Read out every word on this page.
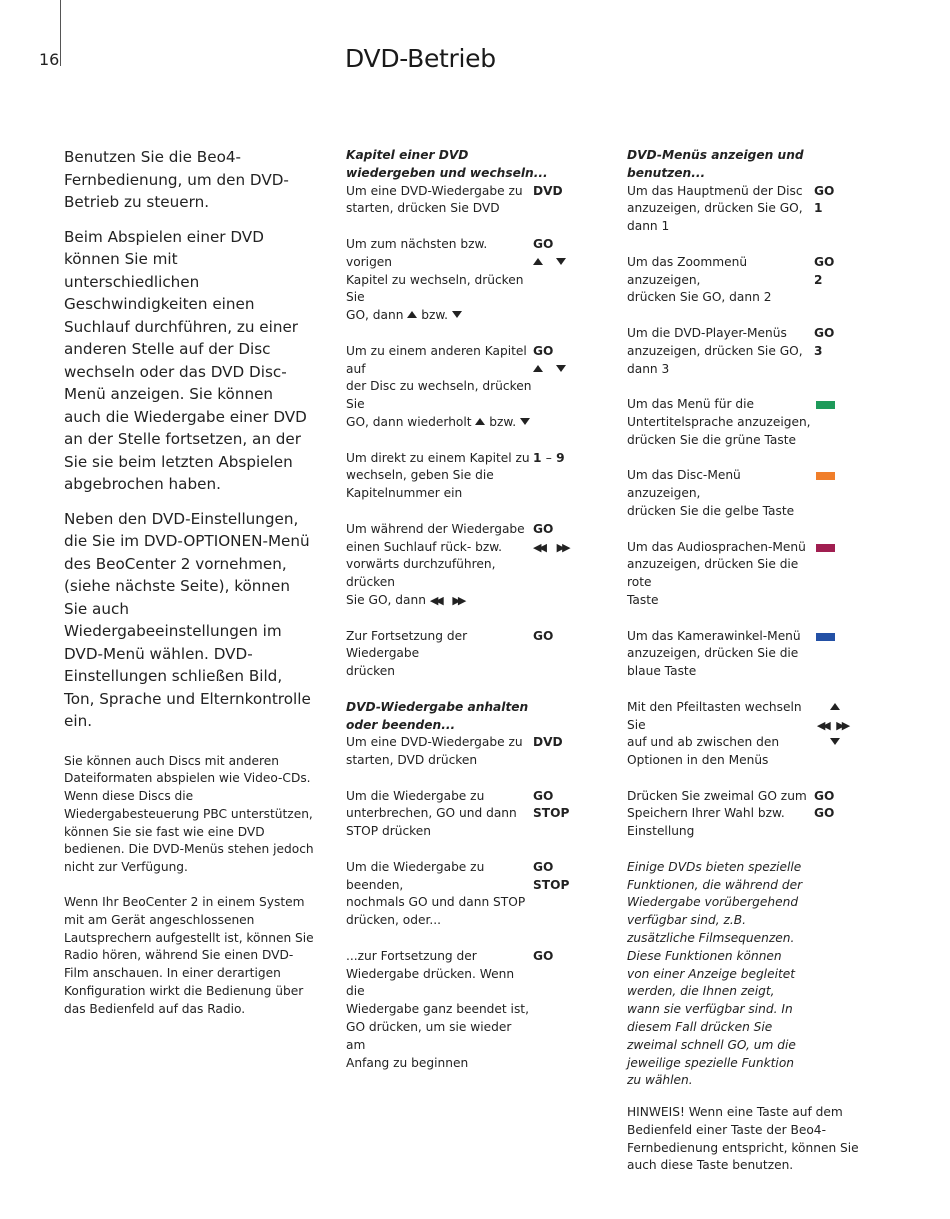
16	DVD-Betrieb

Benutzen Sie die Beo4-Fernbedienung, um den DVD-Betrieb zu steuern.

Beim Abspielen einer DVD können Sie mit unterschiedlichen Geschwindigkeiten einen Suchlauf durchführen, zu einer anderen Stelle auf der Disc wechseln oder das DVD Disc-Menü anzeigen. Sie können auch die Wiedergabe einer DVD an der Stelle fortsetzen, an der Sie sie beim letzten Abspielen abgebrochen haben.

Neben den DVD-Einstellungen, die Sie im DVD-OPTIONEN-Menü des BeoCenter 2 vornehmen, (siehe nächste Seite), können Sie auch Wiedergabeeinstellungen im DVD-Menü wählen. DVD-Einstellungen schließen Bild, Ton, Sprache und Elternkontrolle ein.

Sie können auch Discs mit anderen Dateiformaten abspielen wie Video-CDs. Wenn diese Discs die Wiedergabesteuerung PBC unterstützen, können Sie sie fast wie eine DVD bedienen. Die DVD-Menüs stehen jedoch nicht zur Verfügung.

Wenn Ihr BeoCenter 2 in einem System mit am Gerät angeschlossenen Lautsprechern aufgestellt ist, können Sie Radio hören, während Sie einen DVD-Film anschauen. In einer derartigen Konfiguration wirkt die Bedienung über das Bedienfeld auf das Radio.

Kapitel einer DVD
wiedergeben und wechseln...
Um eine DVD-Wiedergabe zu
starten, drücken Sie DVD
DVD
Um zum nächsten bzw. vorigen
Kapitel zu wechseln, drücken Sie
GO, dann bzw.
GO

Um zu einem anderen Kapitel auf
der Disc zu wechseln, drücken Sie
GO, dann wiederholt bzw.
GO

Um direkt zu einem Kapitel zu
wechseln, geben Sie die
Kapitelnummer ein
1 – 9
Um während der Wiedergabe
einen Suchlauf rück- bzw.
vorwärts durchzuführen, drücken
Sie GO, dann ◀◀ ▶▶
GO
◀◀ ▶▶
Zur Fortsetzung der Wiedergabe
drücken
GO
DVD-Wiedergabe anhalten
oder beenden...
Um eine DVD-Wiedergabe zu
starten, DVD drücken
DVD
Um die Wiedergabe zu
unterbrechen, GO und dann
STOP drücken
GO
STOP
Um die Wiedergabe zu beenden,
nochmals GO und dann STOP
drücken, oder...
GO
STOP
...zur Fortsetzung der
Wiedergabe drücken. Wenn die
Wiedergabe ganz beendet ist,
GO drücken, um sie wieder am
Anfang zu beginnen
GO
DVD-Menüs anzeigen und
benutzen...
Um das Hauptmenü der Disc
anzuzeigen, drücken Sie GO,
dann 1
GO
1
Um das Zoommenü anzuzeigen,
drücken Sie GO, dann 2
GO
2
Um die DVD-Player-Menüs
anzuzeigen, drücken Sie GO,
dann 3
GO
3
Um das Menü für die
Untertitelsprache anzuzeigen,
drücken Sie die grüne Taste
Um das Disc-Menü anzuzeigen,
drücken Sie die gelbe Taste
Um das Audiosprachen-Menü
anzuzeigen, drücken Sie die rote
Taste
Um das Kamerawinkel-Menü
anzuzeigen, drücken Sie die
blaue Taste
Mit den Pfeiltasten wechseln Sie
auf und ab zwischen den
Optionen in den Menüs
◀◀ ▶▶
Drücken Sie zweimal GO zum
Speichern Ihrer Wahl bzw.
Einstellung
GO
GO
Einige DVDs bieten spezielle Funktionen, die während der Wiedergabe vorübergehend verfügbar sind, z.B. zusätzliche Filmsequenzen. Diese Funktionen können von einer Anzeige begleitet werden, die Ihnen zeigt, wann sie verfügbar sind. In diesem Fall drücken Sie zweimal schnell GO, um die jeweilige spezielle Funktion zu wählen.
HINWEIS! Wenn eine Taste auf dem Bedienfeld einer Taste der Beo4-Fernbedienung entspricht, können Sie auch diese Taste benutzen.
